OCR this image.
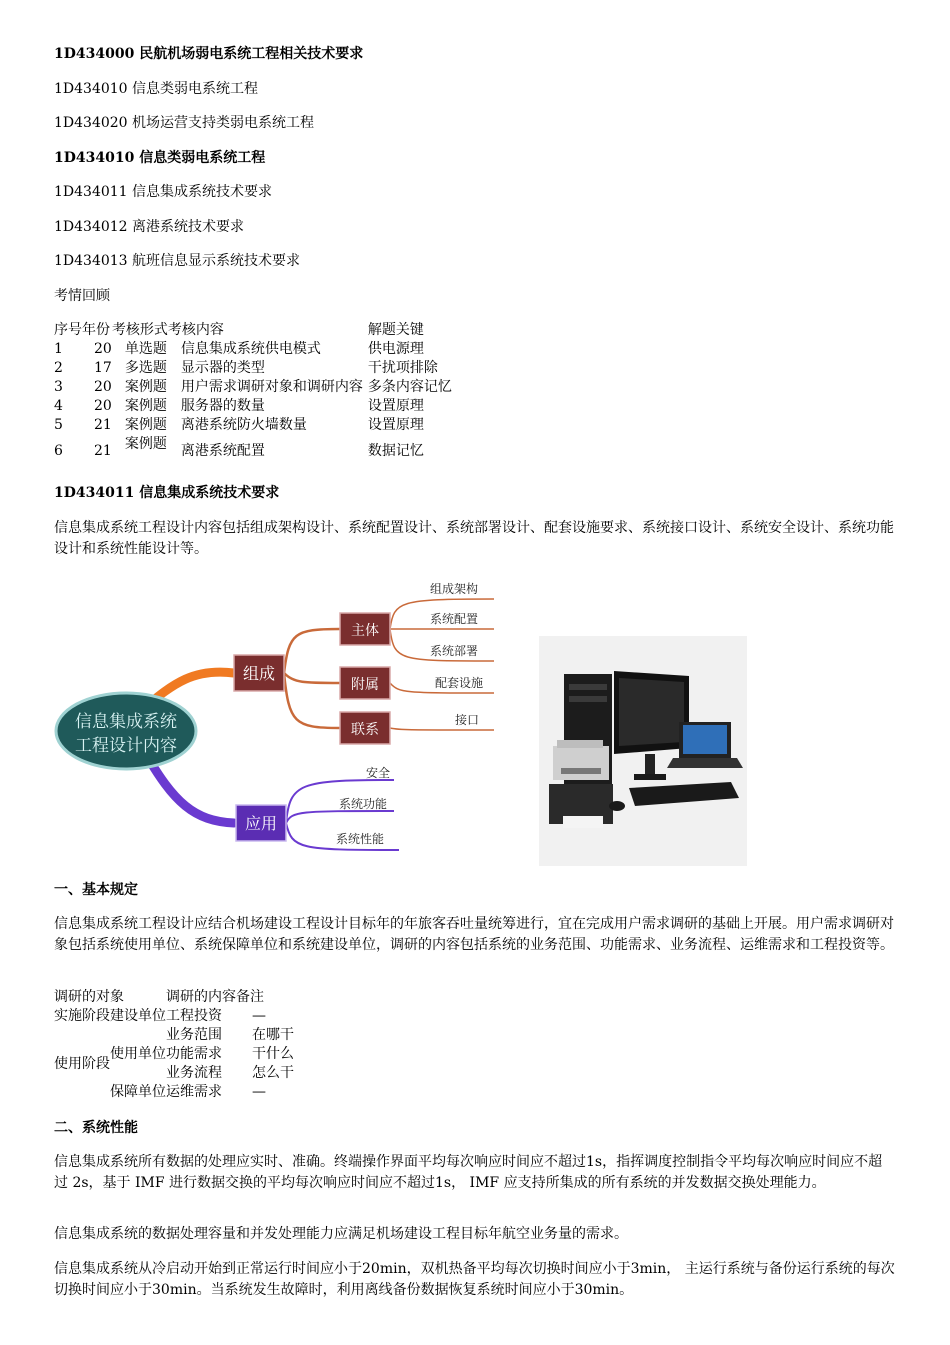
1D434000 民航机场弱电系统工程相关技术要求
1D434010 信息类弱电系统工程
1D434020 机场运营支持类弱电系统工程
1D434010 信息类弱电系统工程
1D434011 信息集成系统技术要求
1D434012 离港系统技术要求
1D434013 航班信息显示系统技术要求
考情回顾
序号	年份	考核形式	考核内容	解题关键
1	20	单选题	信息集成系统供电模式	供电源理
2	17	多选题	显示器的类型	干扰项排除
3	20	案例题	用户需求调研对象和调研内容	多条内容记忆
4	20	案例题	服务器的数量	设置原理
5	21	案例题	离港系统防火墙数量	设置原理
6	21	案例题	离港系统配置	数据记忆
1D434011 信息集成系统技术要求
信息集成系统工程设计内容包括组成架构设计、系统配置设计、系统部署设计、配套设施要求、系统接口设计、系统安全设计、系统功能设计和系统性能设计等。
信息集成系统
工程设计内容
组成
应用
主体
附属
联系
组成架构
系统配置
系统部署
配套设施
接口
安全
系统功能
系统性能
一、基本规定
信息集成系统工程设计应结合机场建设工程设计目标年的年旅客吞吐量统筹进行，宜在完成用户需求调研的基础上开展。用户需求调研对象包括系统使用单位、系统保障单位和系统建设单位，调研的内容包括系统的业务范围、功能需求、业务流程、运维需求和工程投资等。
调研的对象		调研的内容	备注
实施阶段	建设单位	工程投资	—
使用阶段	使用单位	业务范围	在哪干
		功能需求	干什么
		业务流程	怎么干
	保障单位	运维需求	—
二、系统性能
信息集成系统所有数据的处理应实时、准确。终端操作界面平均每次响应时间应不超过1s，指挥调度控制指令平均每次响应时间应不超过 2s，基于 IMF 进行数据交换的平均每次响应时间应不超过1s， IMF 应支持所集成的所有系统的并发数据交换处理能力。
信息集成系统的数据处理容量和并发处理能力应满足机场建设工程目标年航空业务量的需求。
信息集成系统从冷启动开始到正常运行时间应小于20min，双机热备平均每次切换时间应小于3min， 主运行系统与备份运行系统的每次切换时间应小于30min。当系统发生故障时，利用离线备份数据恢复系统时间应小于30min。
